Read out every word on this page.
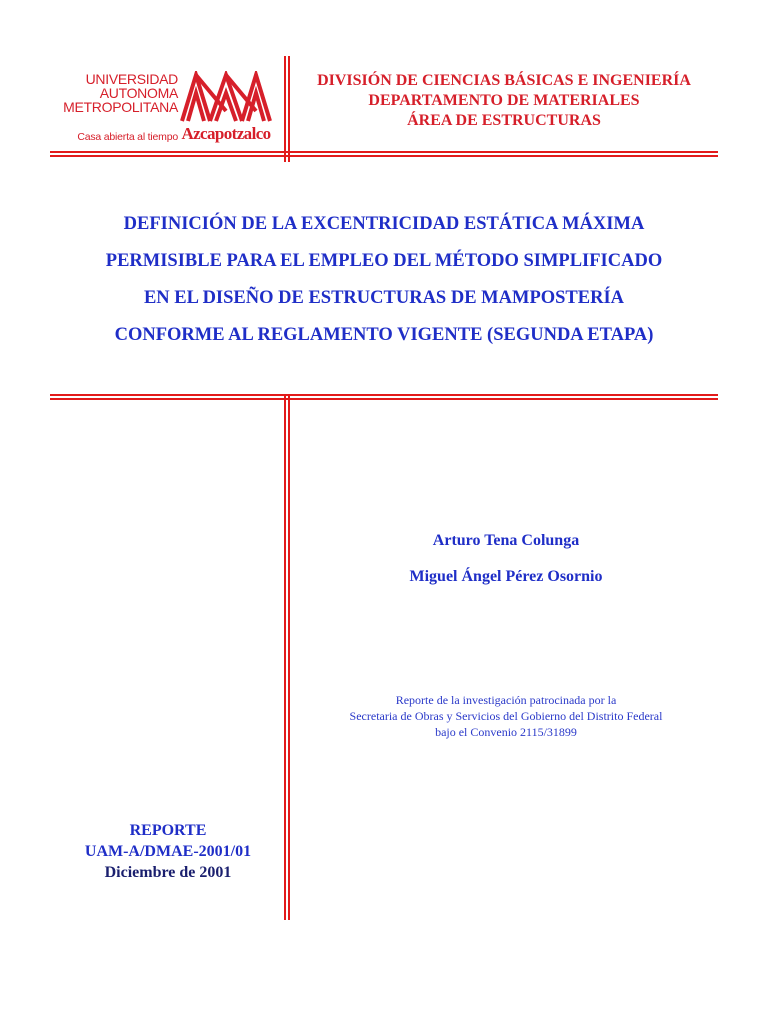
UNIVERSIDAD
AUTONOMA
METROPOLITANA
Casa abierta al tiempo Azcapotzalco
DIVISIÓN DE CIENCIAS BÁSICAS E INGENIERÍA
DEPARTAMENTO DE MATERIALES
ÁREA DE ESTRUCTURAS
DEFINICIÓN DE LA EXCENTRICIDAD ESTÁTICA MÁXIMA
PERMISIBLE PARA EL EMPLEO DEL MÉTODO SIMPLIFICADO
EN EL DISEÑO DE ESTRUCTURAS DE MAMPOSTERÍA
CONFORME AL REGLAMENTO VIGENTE (SEGUNDA ETAPA)
Arturo Tena Colunga
Miguel Ángel Pérez Osornio
Reporte de la investigación patrocinada por la
Secretaria de Obras y Servicios del Gobierno del Distrito Federal
bajo el Convenio 2115/31899
REPORTE
UAM-A/DMAE-2001/01
Diciembre de 2001
